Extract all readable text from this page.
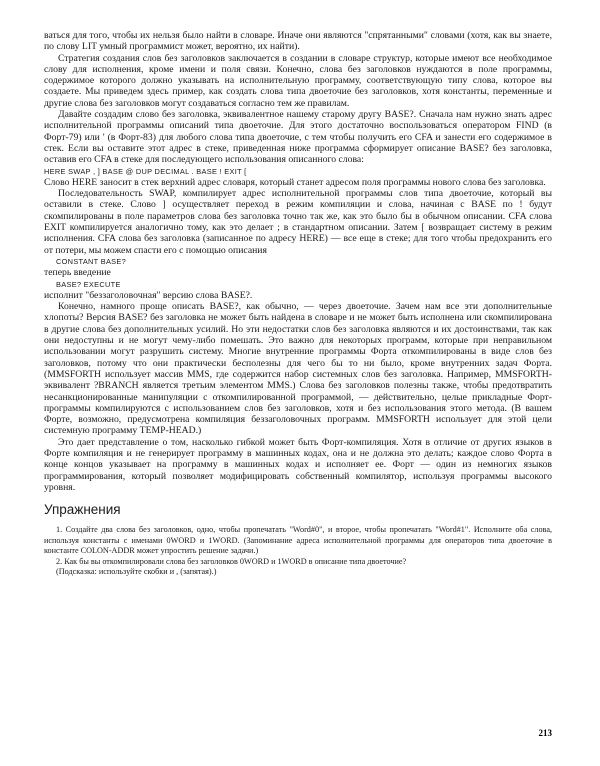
ваться для того, чтобы их нельзя было найти в словаре. Иначе они являются "спрятанными" словами (хотя, как вы знаете, по слову LIT умный программист может, вероятно, их найти).

Стратегия создания слов без заголовков заключается в создании в словаре структур, которые имеют все необходимое слову для исполнения, кроме имени и поля связи. Конечно, слова без заголовков нуждаются в поле программы, содержимое которого должно указывать на исполнительную программу, соответствующую типу слова, которое вы создаете. Мы приведем здесь пример, как создать слова типа двоеточие без заголовков, хотя константы, переменные и другие слова без заголовков могут создаваться согласно тем же правилам.

Давайте создадим слово без заголовка, эквивалентное нашему старому другу BASE?. Сначала нам нужно знать адрес исполнительной программы описаний типа двоеточие. Для этого достаточно воспользоваться оператором FIND (в Форт-79) или ' (в Форт-83) для любого слова типа двоеточие, с тем чтобы получить его CFA и занести его содержимое в стек. Если вы оставите этот адрес в стеке, приведенная ниже программа сформирует описание BASE? без заголовка, оставив его CFA в стеке для последующего использования описанного слова:

HERE SWAP , ] BASE @ DUP DECIMAL . BASE ! EXIT [

Слово HERE заносит в стек верхний адрес словаря, который станет адресом поля программы нового слова без заголовка.

Последовательность SWAP, компилирует адрес исполнительной программы слов типа двоеточие, который вы оставили в стеке. Слово ] осуществляет переход в режим компиляции и слова, начиная с BASE по ! будут скомпилированы в поле параметров слова без заголовка точно так же, как это было бы в обычном описании. CFA слова EXIT компилируется аналогично тому, как это делает ; в стандартном описании. Затем [ возвращает систему в режим исполнения. CFA слова без заголовка (записанное по адресу HERE) — все еще в стеке; для того чтобы предохранить его от потери, мы можем спасти его с помощью описания

CONSTANT BASE?

теперь введение

BASE? EXECUTE

исполнит "беззаголовочная" версию слова BASE?.

Конечно, намного проще описать BASE?, как обычно, — через двоеточие. Зачем нам все эти дополнительные хлопоты? Версия BASE? без заголовка не может быть найдена в словаре и не может быть исполнена или скомпилирована в другие слова без дополнительных усилий. Но эти недостатки слов без заголовка являются и их достоинствами, так как они недоступны и не могут чему-либо помешать. Это важно для некоторых программ, которые при неправильном использовании могут разрушить систему. Многие внутренние программы Форта откомпилированы в виде слов без заголовков, потому что они практически бесполезны для чего бы то ни было, кроме внутренних задач Форта. (MMSFORTH использует массив MMS, где содержится набор системных слов без заголовка. Например, MMSFORTH-эквивалент ?BRANCH является третьим элементом MMS.) Слова без заголовков полезны также, чтобы предотвратить несанкционированные манипуляции с откомпилированной программой, — действительно, целые прикладные Форт-программы компилируются с использованием слов без заголовков, хотя и без использования этого метода. (В вашем Форте, возможно, предусмотрена компиляция беззаголовочных программ. MMSFORTH использует для этой цели системную программу TEMP-HEAD.)

Это дает представление о том, насколько гибкой может быть Форт-компиляция. Хотя в отличие от других языков в Форте компиляция и не генерирует программу в машинных кодах, она и не должна это делать; каждое слово Форта в конце концов указывает на программу в машинных кодах и исполняет ее. Форт — один из немногих языков программирования, который позволяет модифицировать собственный компилятор, используя программы высокого уровня.

Упражнения

1. Создайте два слова без заголовков, одно, чтобы пропечатать "Word#0", и второе, чтобы пропечатать "Word#1". Исполните оба слова, используя константы с именами 0WORD и 1WORD. (Запоминание адреса исполнительной программы для операторов типа двоеточие в константе COLON-ADDR может упростить решение задачи.)

2. Как бы вы откомпилировали слова без заголовков 0WORD и 1WORD в описание типа двоеточие?

(Подсказка: используйте скобки и , (запятая).)

213
